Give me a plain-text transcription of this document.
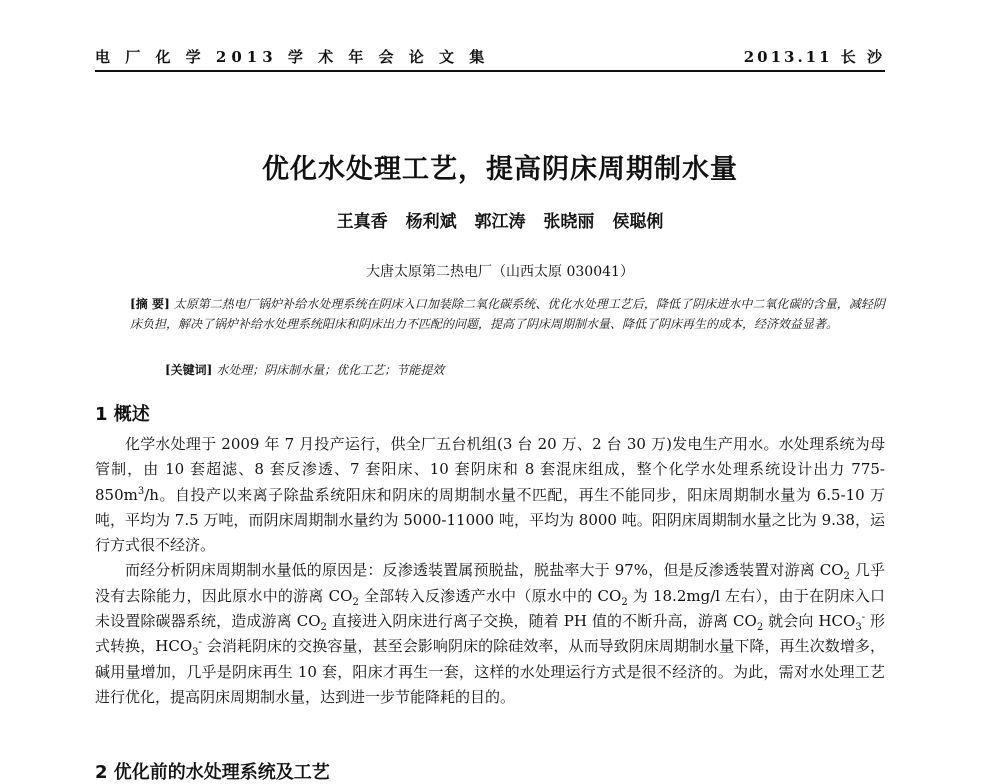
电 厂 化 学 2013 学 术 年 会 论 文 集	2013.11 长 沙
优化水处理工艺，提高阴床周期制水量
王真香 杨利斌 郭江涛 张晓丽 侯聪俐
大唐太原第二热电厂（山西太原 030041）
[摘 要] 太原第二热电厂锅炉补给水处理系统在阴床入口加装除二氧化碳系统、优化水处理工艺后，降低了阴床进水中二氧化碳的含量，减轻阴床负担，解决了锅炉补给水处理系统阳床和阴床出力不匹配的问题，提高了阴床周期制水量、降低了阴床再生的成本，经济效益显著。
[关键词] 水处理；阴床制水量；优化工艺；节能提效
1 概述

化学水处理于 2009 年 7 月投产运行，供全厂五台机组(3 台 20 万、2 台 30 万)发电生产用水。水处理系统为母管制，由 10 套超滤、8 套反渗透、7 套阳床、10 套阴床和 8 套混床组成，整个化学水处理系统设计出力 $775-850m^3/h$。自投产以来离子除盐系统阳床和阴床的周期制水量不匹配，再生不能同步，阳床周期制水量为 6.5-10 万吨，平均为 7.5 万吨，而阴床周期制水量约为 5000-11000 吨，平均为 8000 吨。阳阴床周期制水量之比为 9.38，运行方式很不经济。

而经分析阴床周期制水量低的原因是：反渗透装置属预脱盐，脱盐率大于 97%，但是反渗透装置对游离 $CO_2$ 几乎没有去除能力，因此原水中的游离 $CO_2$ 全部转入反渗透产水中（原水中的 $CO_2$ 为 18.2mg/l 左右），由于在阴床入口未设置除碳器系统，造成游离 $CO_2$ 直接进入阴床进行离子交换，随着 PH 值的不断升高，游离 $CO_2$ 就会向 $HCO_3^-$ 形式转换，$HCO_3^-$ 会消耗阴床的交换容量，甚至会影响阴床的除硅效率，从而导致阴床周期制水量下降，再生次数增多，碱用量增加，几乎是阴床再生 10 套，阳床才再生一套，这样的水处理运行方式是很不经济的。为此，需对水处理工艺进行优化，提高阴床周期制水量，达到进一步节能降耗的目的。

2 优化前的水处理系统及工艺
